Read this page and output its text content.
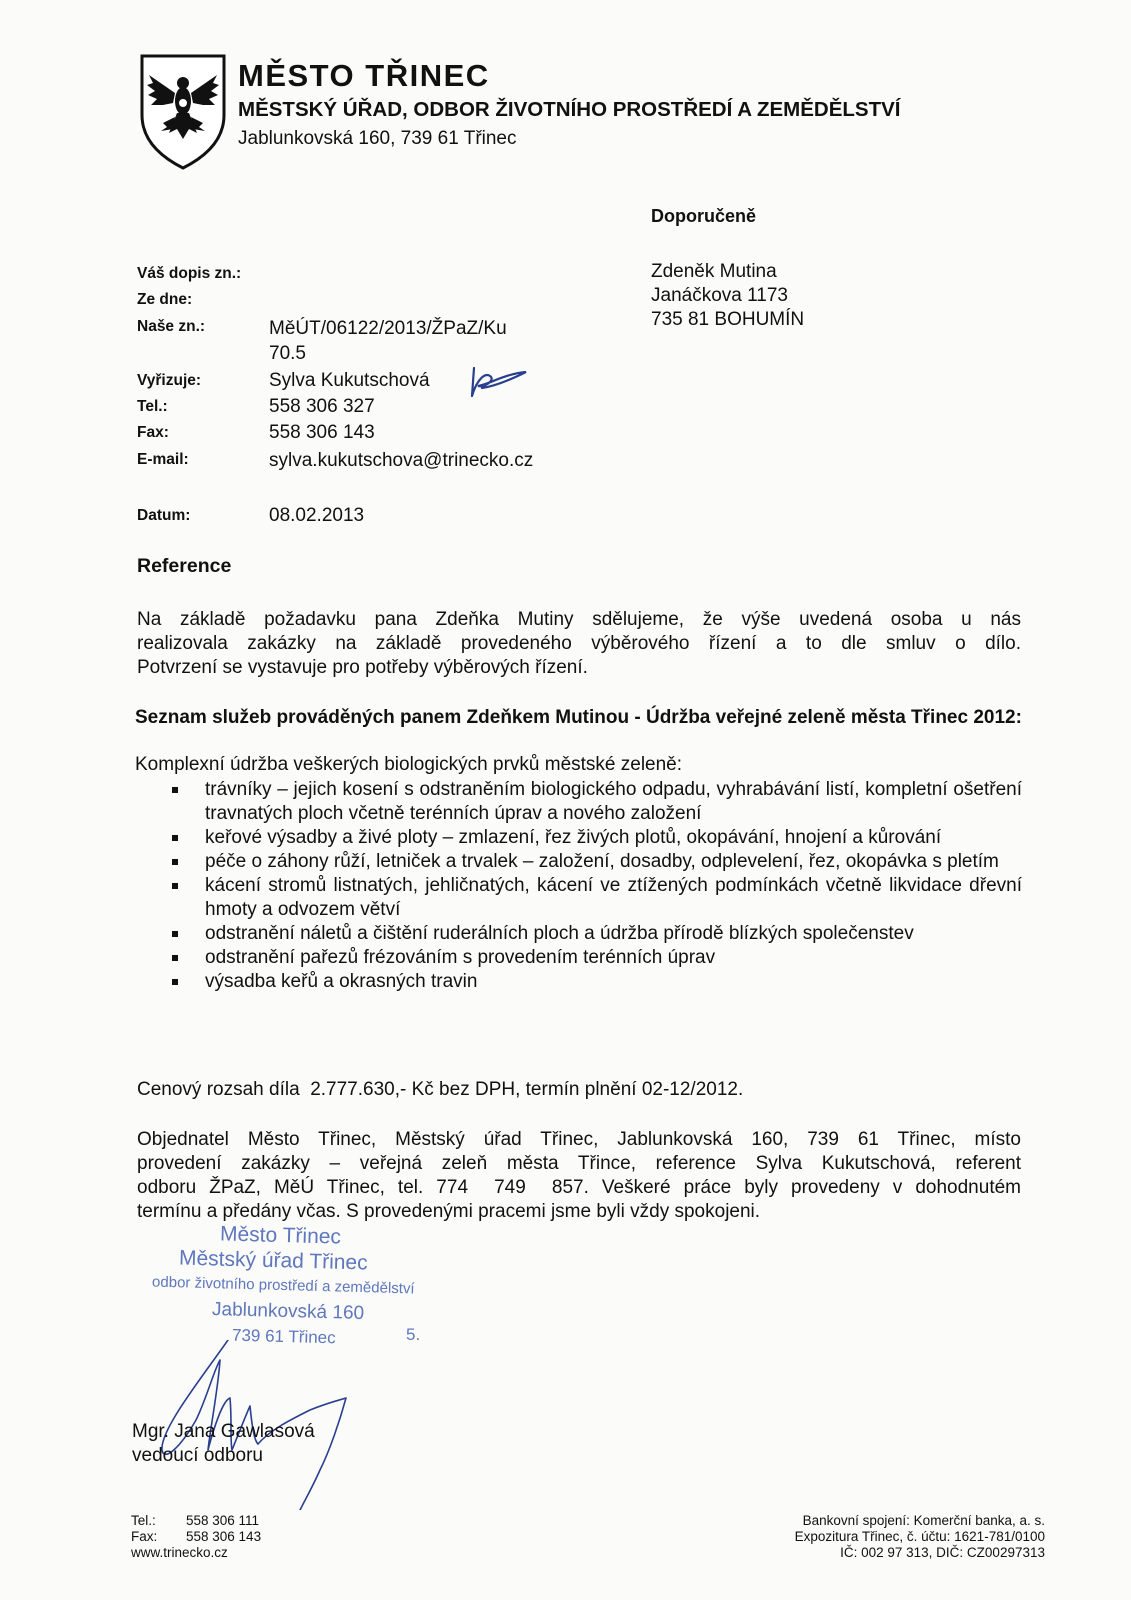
MĚSTO TŘINEC
MĚSTSKÝ ÚŘAD, ODBOR ŽIVOTNÍHO PROSTŘEDÍ A ZEMĚDĚLSTVÍ
Jablunkovská 160, 739 61 Třinec
Doporučeně
Zdeněk Mutina
Janáčkova 1173
735 81 BOHUMÍN
Váš dopis zn.:
Ze dne:
Naše zn.:	MěÚT/06122/2013/ŽPaZ/Ku
70.5
Vyřizuje:	Sylva Kukutschová
Tel.:	558 306 327
Fax:	558 306 143
E-mail:	sylva.kukutschova@trinecko.cz
Datum:	08.02.2013
Reference
Na základě požadavku pana Zdeňka Mutiny sdělujeme, že výše uvedená osoba u nás
realizovala zakázky na základě provedeného výběrového řízení a to dle smluv o dílo.
Potvrzení se vystavuje pro potřeby výběrových řízení.
Seznam služeb prováděných panem Zdeňkem Mutinou - Údržba veřejné zeleně města Třinec 2012:
Komplexní údržba veškerých biologických prvků městské zeleně:
trávníky – jejich kosení s odstraněním biologického odpadu, vyhrabávání listí, kompletní ošetření travnatých ploch včetně terénních úprav a nového založení
keřové výsadby a živé ploty – zmlazení, řez živých plotů, okopávání, hnojení a kůrování
péče o záhony růží, letniček a trvalek – založení, dosadby, odplevelení, řez, okopávka s pletím
kácení stromů listnatých, jehličnatých, kácení ve ztížených podmínkách včetně likvidace dřevní hmoty a odvozem větví
odstranění náletů a čištění ruderálních ploch a údržba přírodě blízkých společenstev
odstranění pařezů frézováním s provedením terénních úprav
výsadba keřů a okrasných travin
Cenový rozsah díla  2.777.630,- Kč bez DPH, termín plnění 02-12/2012.
Objednatel Město Třinec, Městský úřad Třinec, Jablunkovská 160, 739 61 Třinec, místo
provedení zakázky – veřejná zeleň města Třince, reference Sylva Kukutschová, referent
odboru ŽPaZ, MěÚ Třinec, tel. 774  749  857. Veškeré práce byly provedeny v dohodnutém
termínu a předány včas. S provedenými pracemi jsme byli vždy spokojeni.
Město Třinec
Městský úřad Třinec
odbor životního prostředí a zemědělství
Jablunkovská 160
739 61 Třinec	5.
Mgr. Jana Gawlasová
vedoucí odboru
Tel.: 558 306 111
Fax: 558 306 143
www.trinecko.cz
Bankovní spojení: Komerční banka, a. s.
Expozitura Třinec, č. účtu: 1621-781/0100
IČ: 002 97 313, DIČ: CZ00297313
